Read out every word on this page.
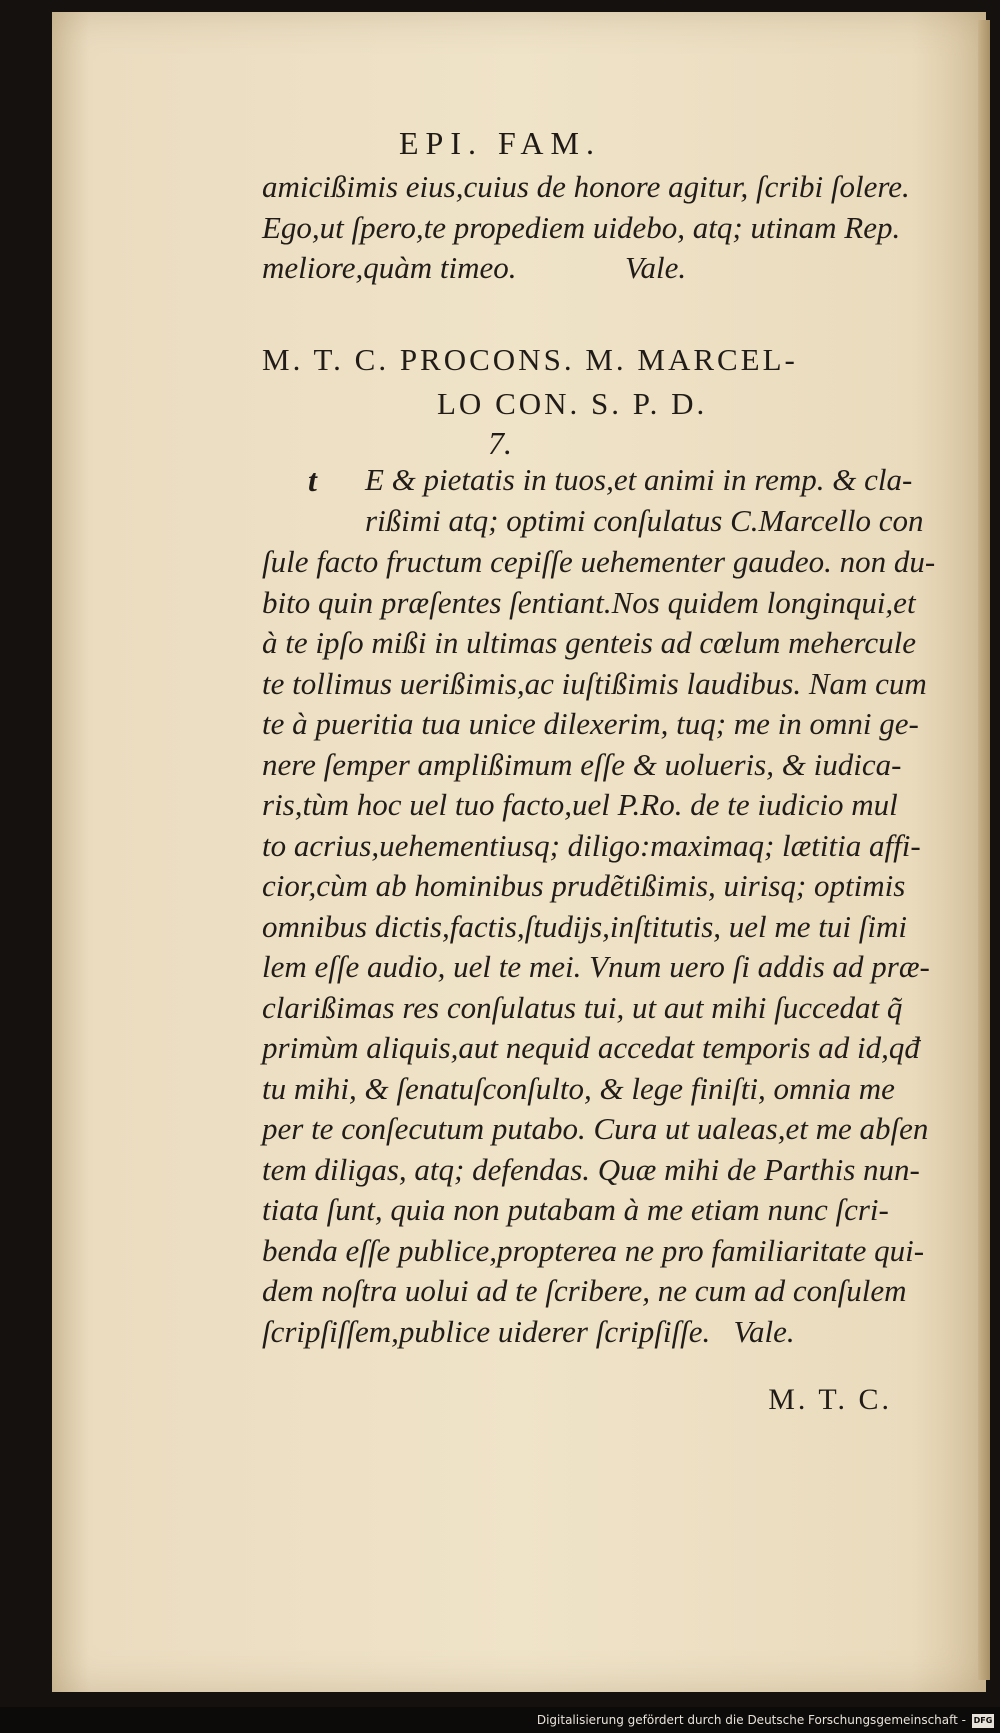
EPI. FAM.
amicißimis eius,cuius de honore agitur, ſcribi ſolere.
Ego,ut ſpero,te propediem uidebo, atq; utinam Rep.
meliore,quàm timeo.              Vale.
M. T. C. PROCONS. M. MARCEL-
LO CON. S. P. D.
7.
t	E & pietatis in tuos,et animi in remp. & cla-
rißimi atq; optimi conſulatus C.Marcello con
ſule facto fructum cepiſſe uehementer gaudeo. non du-
bito quin præſentes ſentiant.Nos quidem longinqui,et
à te ipſo mißi in ultimas genteis ad cœlum mehercule
te tollimus uerißimis,ac iuſtißimis laudibus. Nam cum
te à pueritia tua unice dilexerim, tuq; me in omni ge-
nere ſemper amplißimum eſſe & uolueris, & iudica-
ris,tùm hoc uel tuo facto,uel P.Ro. de te iudicio mul
to acrius,uehementiusq; diligo:maximaq; lætitia affi-
cior,cùm ab hominibus prudẽtißimis, uirisq; optimis
omnibus dictis,factis,ſtudijs,inſtitutis, uel me tui ſimi
lem eſſe audio, uel te mei. Vnum uero ſi addis ad præ-
clarißimas res conſulatus tui, ut aut mihi ſuccedat q̃
primùm aliquis,aut nequid accedat temporis ad id,qđ
tu mihi, & ſenatuſconſulto, & lege finiſti, omnia me
per te conſecutum putabo. Cura ut ualeas,et me abſen
tem diligas, atq; defendas. Quæ mihi de Parthis nun-
tiata ſunt, quia non putabam à me etiam nunc ſcri-
benda eſſe publice,propterea ne pro familiaritate qui-
dem noſtra uolui ad te ſcribere, ne cum ad conſulem
ſcripſiſſem,publice uiderer ſcripſiſſe.   Vale.
M. T. C.
Digitalisierung gefördert durch die Deutsche Forschungsgemeinschaft - DFG
